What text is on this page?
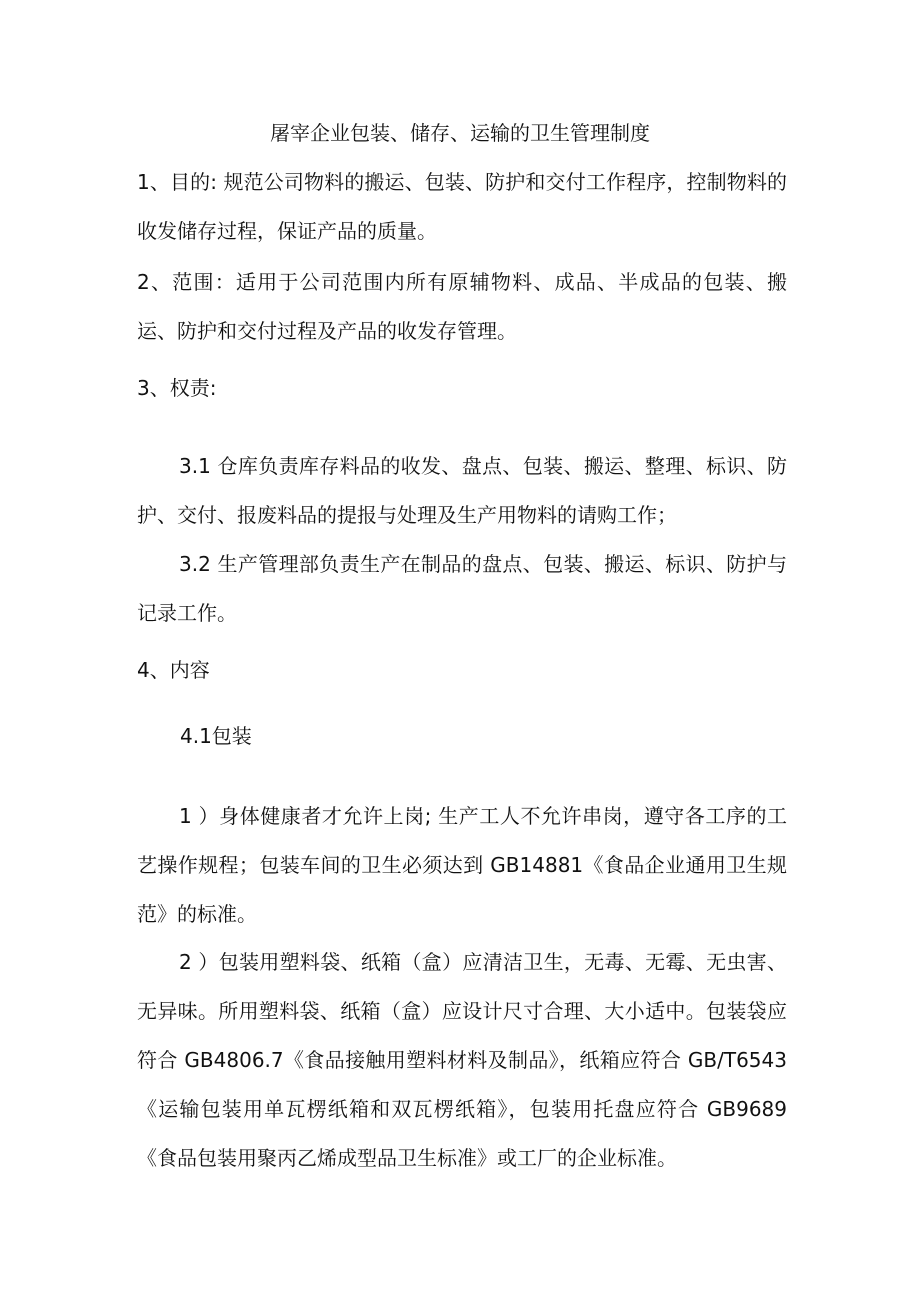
屠宰企业包装、储存、运输的卫生管理制度

1、目的: 规范公司物料的搬运、包装、防护和交付工作程序，控制物料的收发储存过程，保证产品的质量。

2、范围：适用于公司范围内所有原辅物料、成品、半成品的包装、搬运、防护和交付过程及产品的收发存管理。

3、权责:

3.1 仓库负责库存料品的收发、盘点、包装、搬运、整理、标识、防护、交付、报废料品的提报与处理及生产用物料的请购工作；

3.2 生产管理部负责生产在制品的盘点、包装、搬运、标识、防护与记录工作。

4、内容

4.1包装

1 ）身体健康者才允许上岗; 生产工人不允许串岗，遵守各工序的工艺操作规程；包装车间的卫生必须达到 GB14881《食品企业通用卫生规范》的标准。

2 ）包装用塑料袋、纸箱（盒）应清洁卫生，无毒、无霉、无虫害、无异味。所用塑料袋、纸箱（盒）应设计尺寸合理、大小适中。包装袋应符合 GB4806.7《食品接触用塑料材料及制品》，纸箱应符合 GB/T6543《运输包装用单瓦楞纸箱和双瓦楞纸箱》，包装用托盘应符合 GB9689《食品包装用聚丙乙烯成型品卫生标准》或工厂的企业标准。
